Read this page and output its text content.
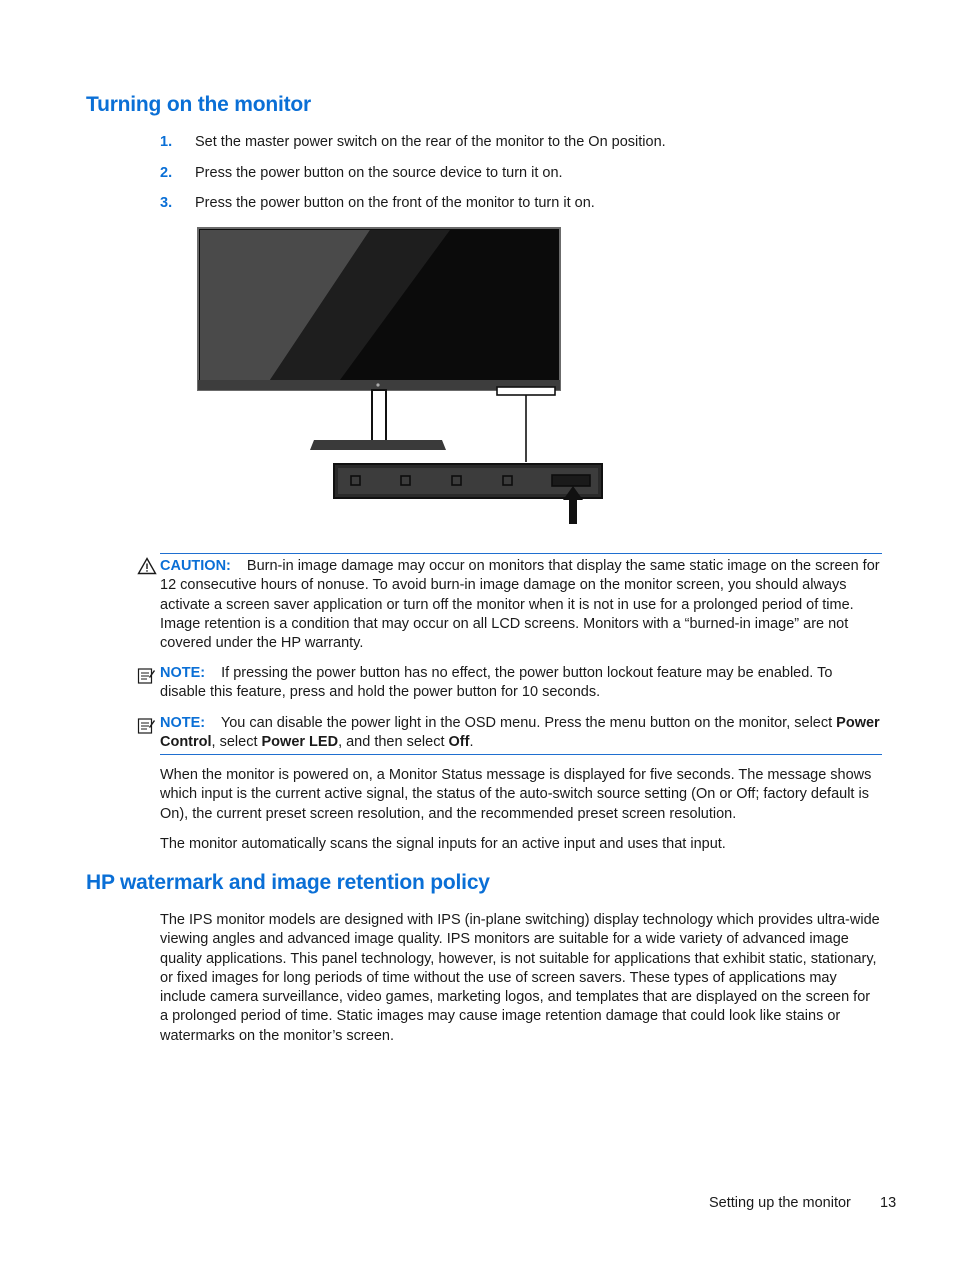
Turning on the monitor
1. Set the master power switch on the rear of the monitor to the On position.
2. Press the power button on the source device to turn it on.
3. Press the power button on the front of the monitor to turn it on.
CAUTION: Burn-in image damage may occur on monitors that display the same static image on the screen for 12 consecutive hours of nonuse. To avoid burn-in image damage on the monitor screen, you should always activate a screen saver application or turn off the monitor when it is not in use for a prolonged period of time. Image retention is a condition that may occur on all LCD screens. Monitors with a “burned-in image” are not covered under the HP warranty.
NOTE: If pressing the power button has no effect, the power button lockout feature may be enabled. To disable this feature, press and hold the power button for 10 seconds.
NOTE: You can disable the power light in the OSD menu. Press the menu button on the monitor, select Power Control, select Power LED, and then select Off.

When the monitor is powered on, a Monitor Status message is displayed for five seconds. The message shows which input is the current active signal, the status of the auto-switch source setting (On or Off; factory default is On), the current preset screen resolution, and the recommended preset screen resolution.

The monitor automatically scans the signal inputs for an active input and uses that input.

HP watermark and image retention policy

The IPS monitor models are designed with IPS (in-plane switching) display technology which provides ultra-wide viewing angles and advanced image quality. IPS monitors are suitable for a wide variety of advanced image quality applications. This panel technology, however, is not suitable for applications that exhibit static, stationary, or fixed images for long periods of time without the use of screen savers. These types of applications may include camera surveillance, video games, marketing logos, and templates that are displayed on the screen for a prolonged period of time. Static images may cause image retention damage that could look like stains or watermarks on the monitor’s screen.

Setting up the monitor 13
